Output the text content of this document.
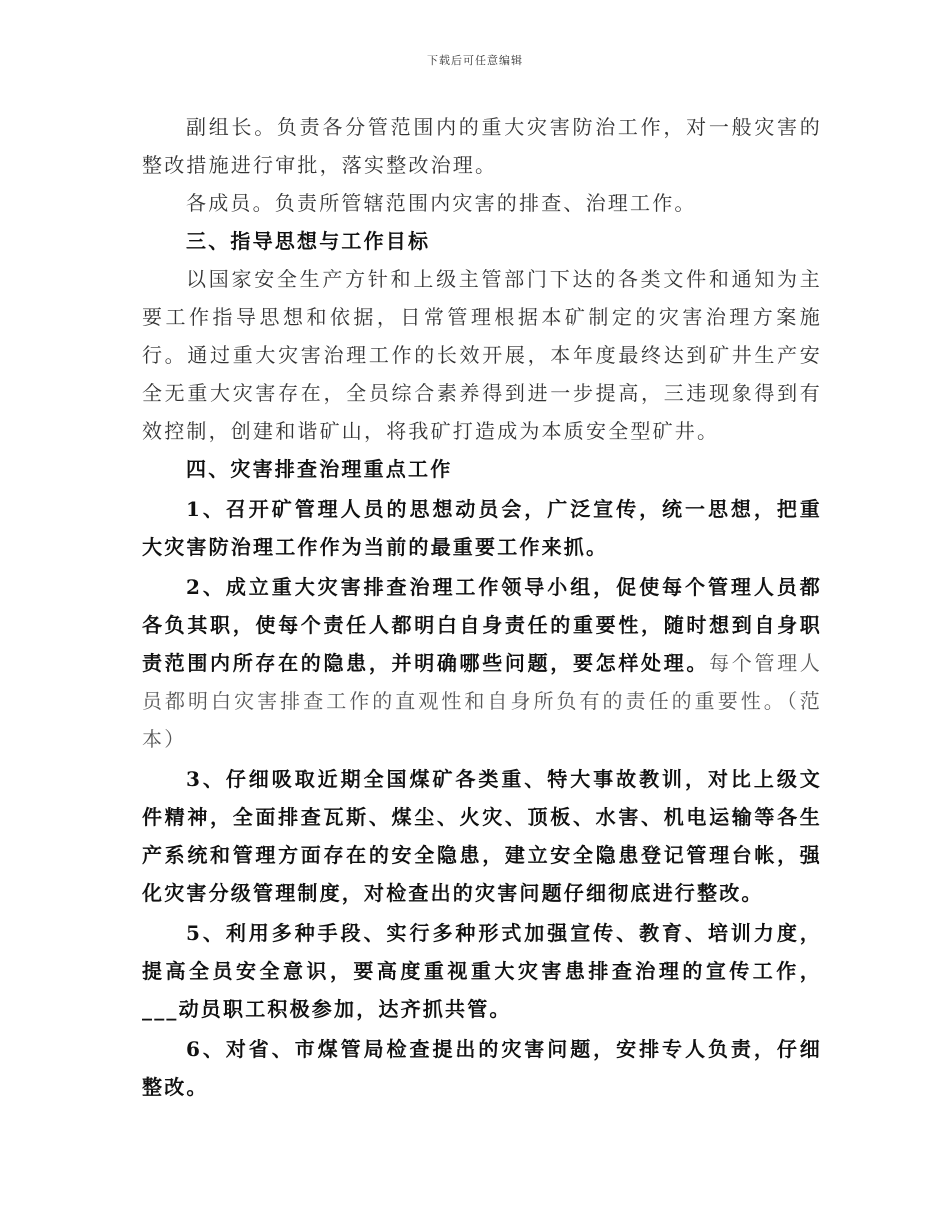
下载后可任意编辑

副组长。负责各分管范围内的重大灾害防治工作，对一般灾害的整改措施进行审批，落实整改治理。

各成员。负责所管辖范围内灾害的排查、治理工作。

三、指导思想与工作目标

以国家安全生产方针和上级主管部门下达的各类文件和通知为主要工作指导思想和依据，日常管理根据本矿制定的灾害治理方案施行。通过重大灾害治理工作的长效开展，本年度最终达到矿井生产安全无重大灾害存在，全员综合素养得到进一步提高，三违现象得到有效控制，创建和谐矿山，将我矿打造成为本质安全型矿井。

四、灾害排查治理重点工作

1、召开矿管理人员的思想动员会，广泛宣传，统一思想，把重大灾害防治理工作作为当前的最重要工作来抓。

2、成立重大灾害排查治理工作领导小组，促使每个管理人员都各负其职，使每个责任人都明白自身责任的重要性，随时想到自身职责范围内所存在的隐患，并明确哪些问题，要怎样处理。每个管理人员都明白灾害排查工作的直观性和自身所负有的责任的重要性。（范本）

3、仔细吸取近期全国煤矿各类重、特大事故教训，对比上级文件精神，全面排查瓦斯、煤尘、火灾、顶板、水害、机电运输等各生产系统和管理方面存在的安全隐患，建立安全隐患登记管理台帐，强化灾害分级管理制度，对检查出的灾害问题仔细彻底进行整改。

5、利用多种手段、实行多种形式加强宣传、教育、培训力度，提高全员安全意识，要高度重视重大灾害患排查治理的宣传工作，___动员职工积极参加，达齐抓共管。

6、对省、市煤管局检查提出的灾害问题，安排专人负责，仔细整改。
